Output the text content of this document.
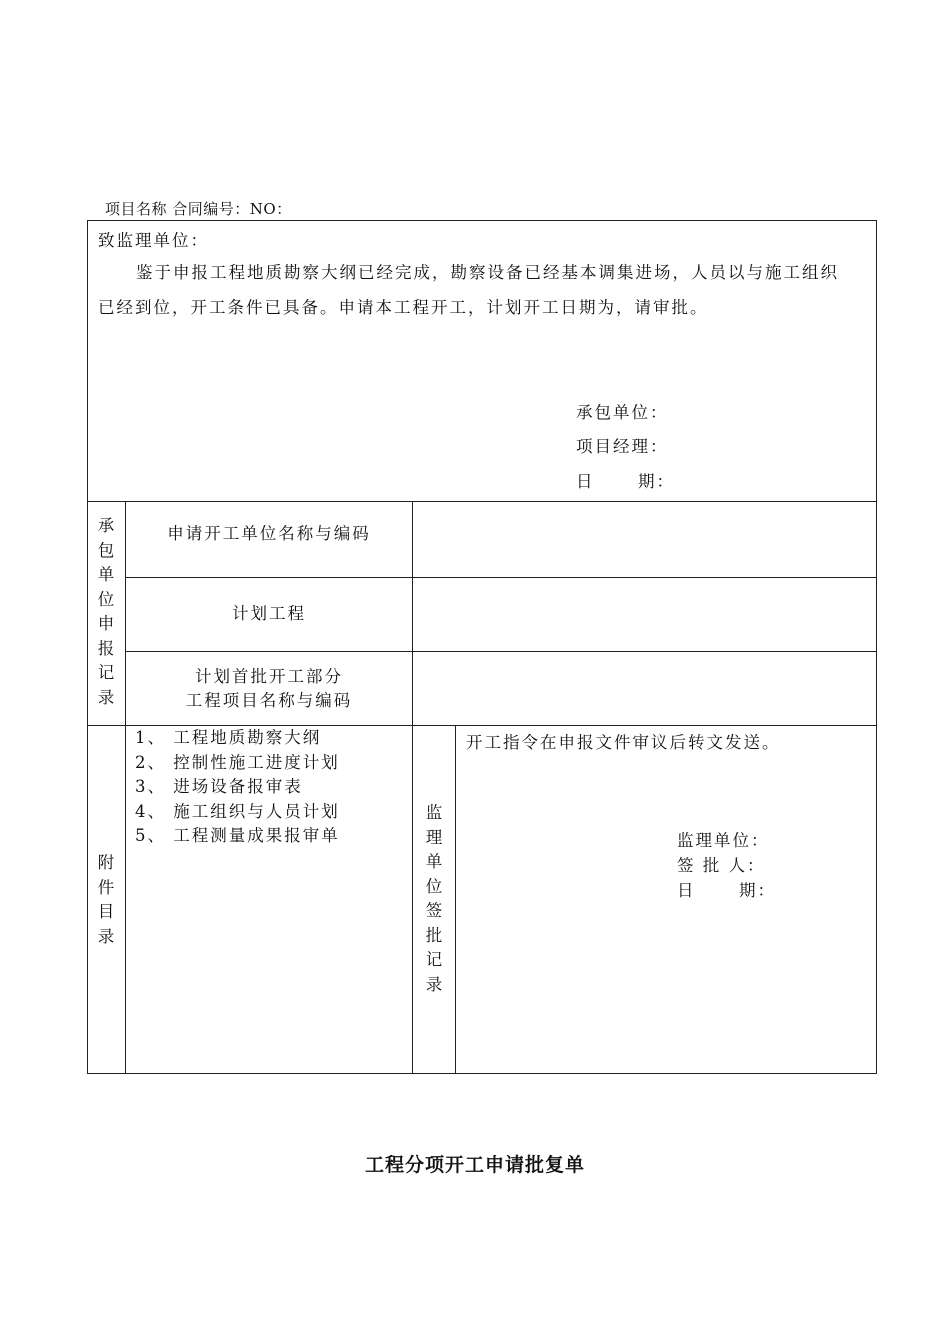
项目名称 合同编号：NO：
致监理单位：
鉴于申报工程地质勘察大纲已经完成，勘察设备已经基本调集进场，人员以与施工组织
已经到位，开工条件已具备。申请本工程开工，计划开工日期为，请审批。
承包单位：
项目经理：
日      期：
承
包
单
位
申
报
记
录
申请开工单位名称与编码
计划工程
计划首批开工部分
工程项目名称与编码
附
件
目
录
1、 工程地质勘察大纲
2、 控制性施工进度计划
3、 进场设备报审表
4、 施工组织与人员计划
5、 工程测量成果报审单
监
理
单
位
签
批
记
录
开工指令在申报文件审议后转文发送。
监理单位：
签 批 人：
日      期：
工程分项开工申请批复单
